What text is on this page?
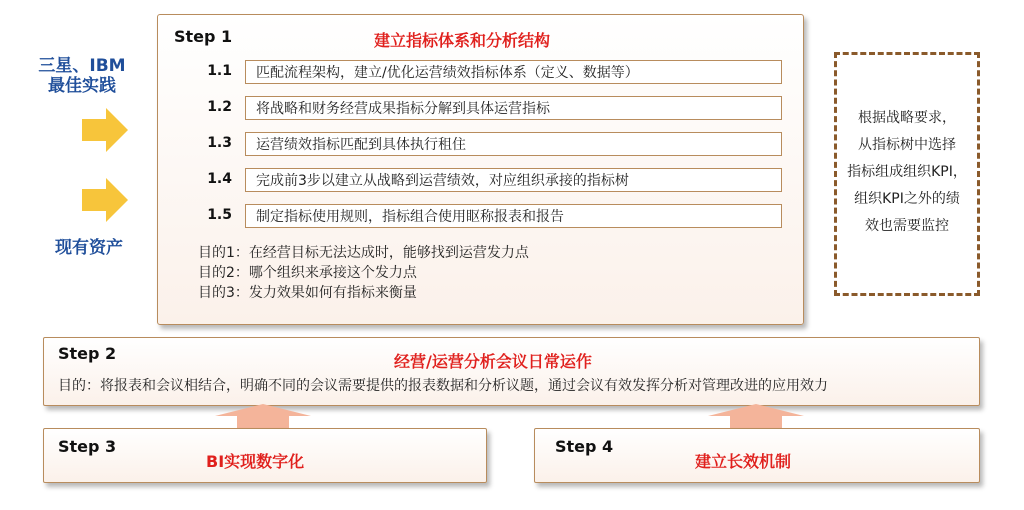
三星、IBM
最佳实践
现有资产
Step 1	建立指标体系和分析结构
1.1	匹配流程架构，建立/优化运营绩效指标体系（定义、数据等）
1.2	将战略和财务经营成果指标分解到具体运营指标
1.3	运营绩效指标匹配到具体执行租住
1.4	完成前3步以建立从战略到运营绩效，对应组织承接的指标树
1.5	制定指标使用规则，指标组合使用眍称报表和报告
目的1：在经营目标无法达成时，能够找到运营发力点
目的2：哪个组织来承接这个发力点
目的3：发力效果如何有指标来衡量
根据战略要求，
从指标树中选择
指标组成组织KPI，
组织KPI之外的绩
效也需要监控
Step 2	经营/运营分析会议日常运作
目的：将报表和会议相结合，明确不同的会议需要提供的报表数据和分析议题，通过会议有效发挥分析对管理改进的应用效力
Step 3
BI实现数字化
Step 4
建立长效机制
